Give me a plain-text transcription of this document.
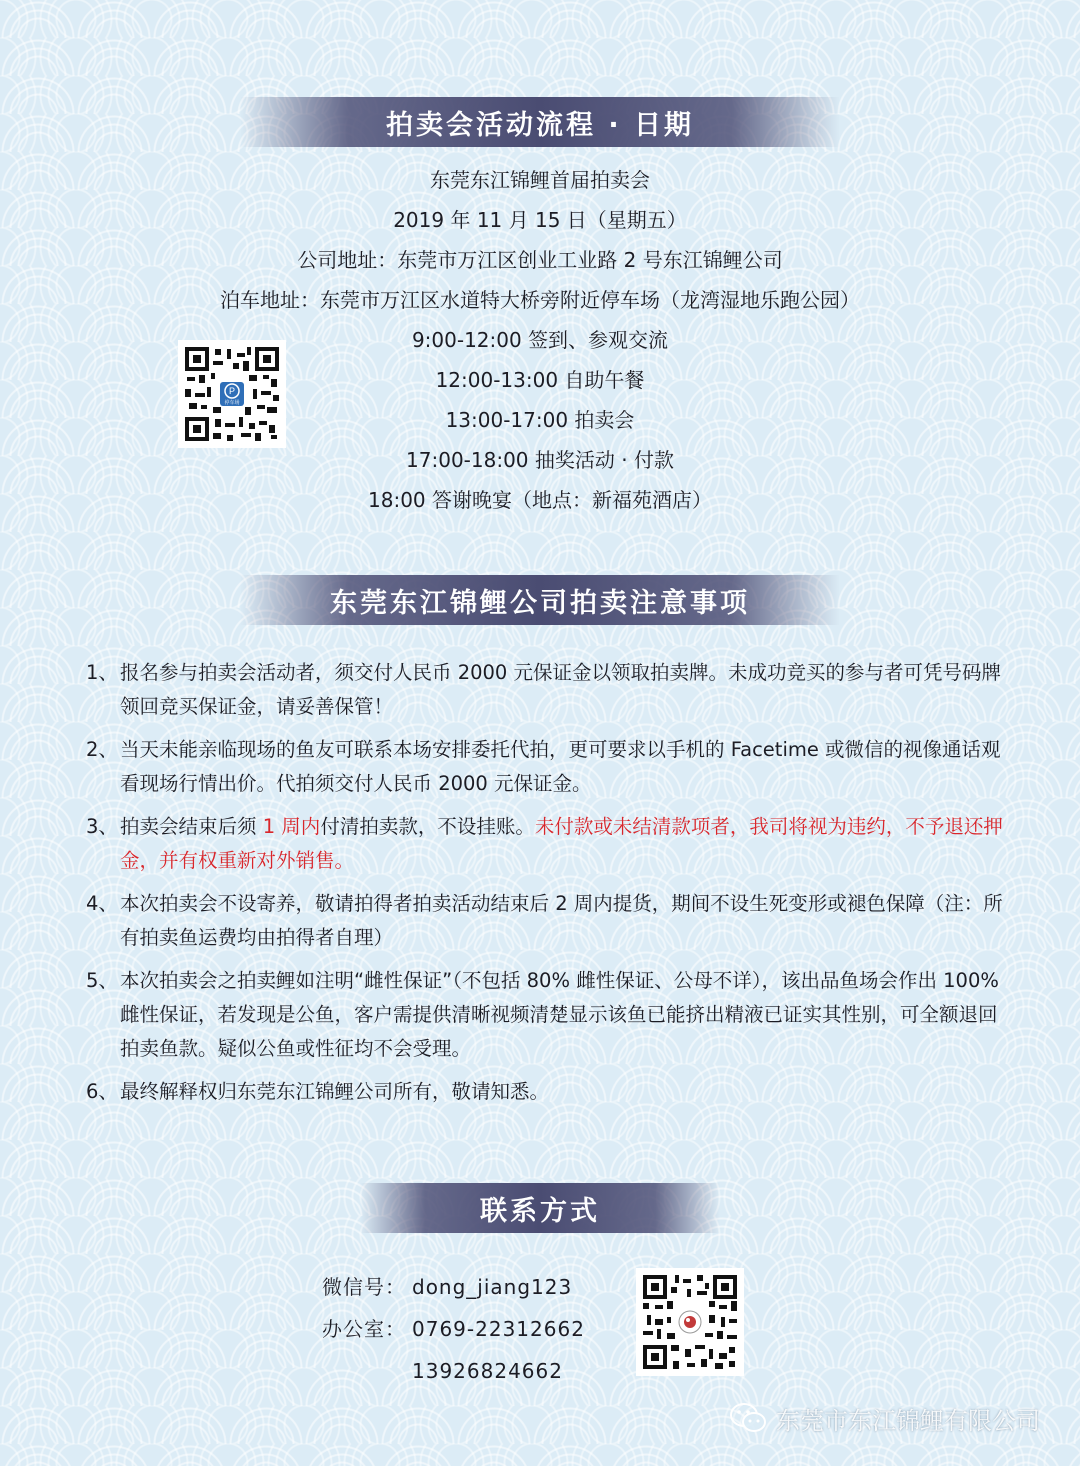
拍卖会活动流程 · 日期
东莞东江锦鲤首届拍卖会
2019 年 11 月 15 日（星期五）
公司地址：东莞市万江区创业工业路 2 号东江锦鲤公司
泊车地址：东莞市万江区水道特大桥旁附近停车场（龙湾湿地乐跑公园）
9:00-12:00 签到、参观交流
12:00-13:00 自助午餐
13:00-17:00 拍卖会
17:00-18:00 抽奖活动 · 付款
18:00 答谢晚宴（地点：新福苑酒店）
P
停车场
东莞东江锦鲤公司拍卖注意事项
1、 报名参与拍卖会活动者，须交付人民币 2000 元保证金以领取拍卖牌。未成功竞买的参与者可凭号码牌领回竞买保证金，请妥善保管！
2、 当天未能亲临现场的鱼友可联系本场安排委托代拍，更可要求以手机的 Facetime 或微信的视像通话观看现场行情出价。代拍须交付人民币 2000 元保证金。
3、 拍卖会结束后须 1 周内付清拍卖款，不设挂账。未付款或未结清款项者，我司将视为违约，不予退还押金，并有权重新对外销售。
4、 本次拍卖会不设寄养，敬请拍得者拍卖活动结束后 2 周内提货，期间不设生死变形或褪色保障（注：所有拍卖鱼运费均由拍得者自理）
5、 本次拍卖会之拍卖鲤如注明“雌性保证”（不包括 80% 雌性保证、公母不详），该出品鱼场会作出 100% 雌性保证，若发现是公鱼，客户需提供清晰视频清楚显示该鱼已能挤出精液已证实其性别，可全额退回拍卖鱼款。疑似公鱼或性征均不会受理。
6、 最终解释权归东莞东江锦鲤公司所有，敬请知悉。
联系方式
微信号： dong_jiang123
办公室： 0769-22312662
13926824662
东莞市东江锦鲤有限公司
